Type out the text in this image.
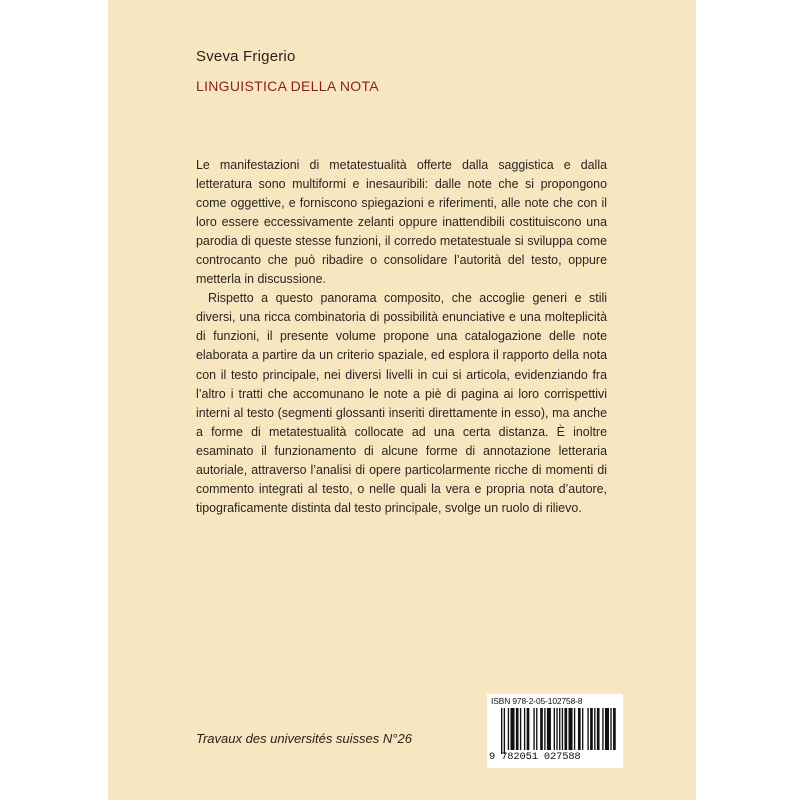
Sveva Frigerio
LINGUISTICA DELLA NOTA

Le manifestazioni di metatestualità offerte dalla saggistica e dalla letteratura sono multiformi e inesauribili: dalle note che si propongono come oggettive, e forniscono spiegazioni e riferimenti, alle note che con il loro essere eccessivamente zelanti oppure inattendibili costituiscono una parodia di queste stesse funzioni, il corredo metatestuale si sviluppa come controcanto che può ribadire o consolidare l’autorità del testo, oppure metterla in discussione.

Rispetto a questo panorama composito, che accoglie generi e stili diversi, una ricca combinatoria di possibilità enunciative e una molteplicità di funzioni, il presente volume propone una catalogazione delle note elaborata a partire da un criterio spaziale, ed esplora il rapporto della nota con il testo principale, nei diversi livelli in cui si articola, evidenziando fra l’altro i tratti che accomunano le note a piè di pagina ai loro corrispettivi interni al testo (segmenti glossanti inseriti direttamente in esso), ma anche a forme di metatestualità collocate ad una certa distanza. È inoltre esaminato il funzionamento di alcune forme di annotazione letteraria autoriale, attraverso l’analisi di opere particolarmente ricche di momenti di commento integrati al testo, o nelle quali la vera e propria nota d’autore, tipograficamente distinta dal testo principale, svolge un ruolo di rilievo.

Travaux des universités suisses N°26
ISBN 978-2-05-102758-8
9 782051 027588
